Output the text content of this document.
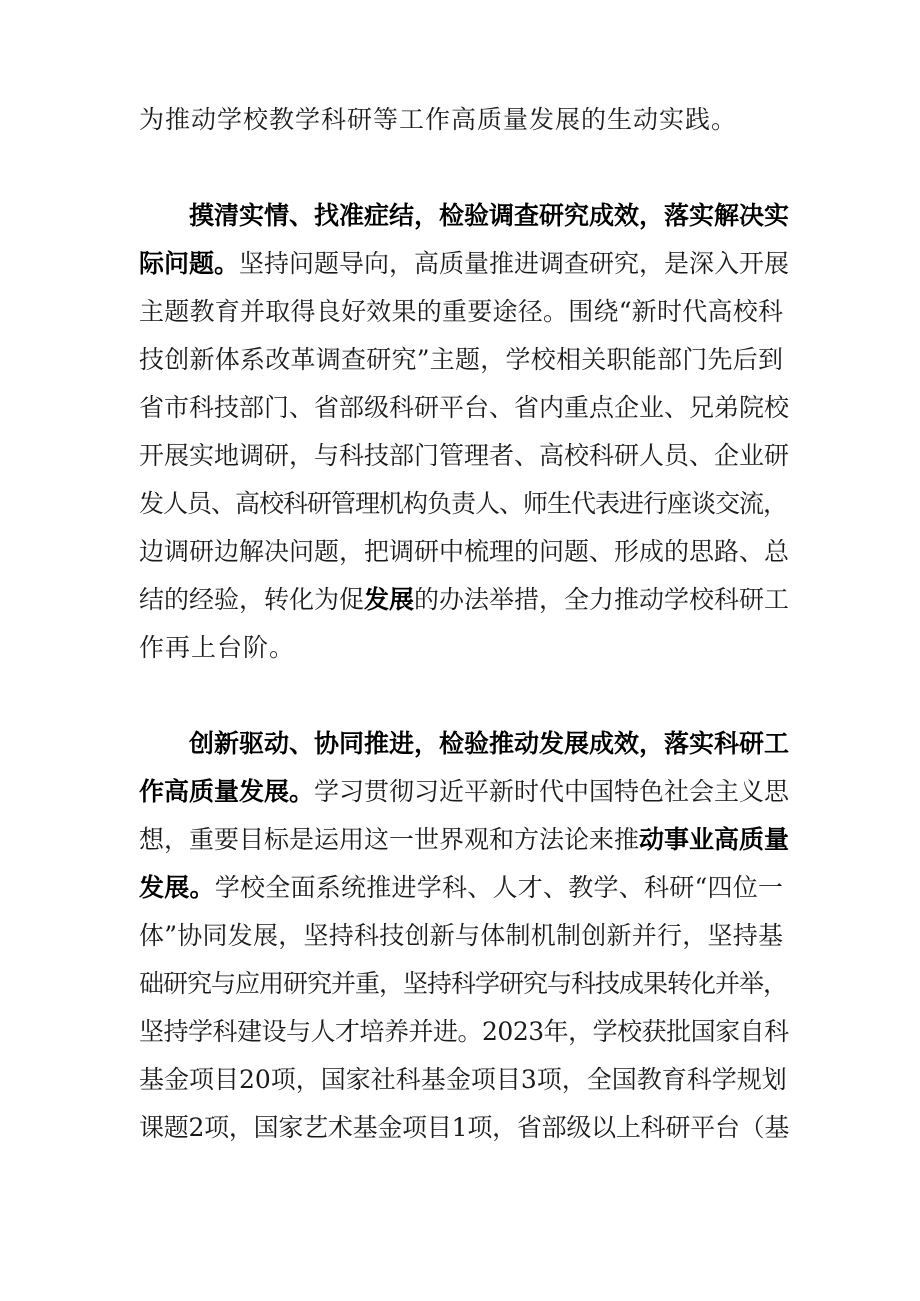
为推动学校教学科研等工作高质量发展的生动实践。
摸清实情、找准症结，检验调查研究成效，落实解决实
际问题。坚持问题导向，高质量推进调查研究，是深入开展
主题教育并取得良好效果的重要途径。围绕“新时代高校科
技创新体系改革调查研究”主题，学校相关职能部门先后到
省市科技部门、省部级科研平台、省内重点企业、兄弟院校
开展实地调研，与科技部门管理者、高校科研人员、企业研
发人员、高校科研管理机构负责人、师生代表进行座谈交流，
边调研边解决问题，把调研中梳理的问题、形成的思路、总
结的经验，转化为促发展的办法举措，全力推动学校科研工
作再上台阶。
创新驱动、协同推进，检验推动发展成效，落实科研工
作高质量发展。学习贯彻习近平新时代中国特色社会主义思
想，重要目标是运用这一世界观和方法论来推动事业高质量
发展。学校全面系统推进学科、人才、教学、科研“四位一
体”协同发展，坚持科技创新与体制机制创新并行，坚持基
础研究与应用研究并重，坚持科学研究与科技成果转化并举，
坚持学科建设与人才培养并进。2023年，学校获批国家自科
基金项目20项，国家社科基金项目3项，全国教育科学规划
课题2项，国家艺术基金项目1项，省部级以上科研平台（基
